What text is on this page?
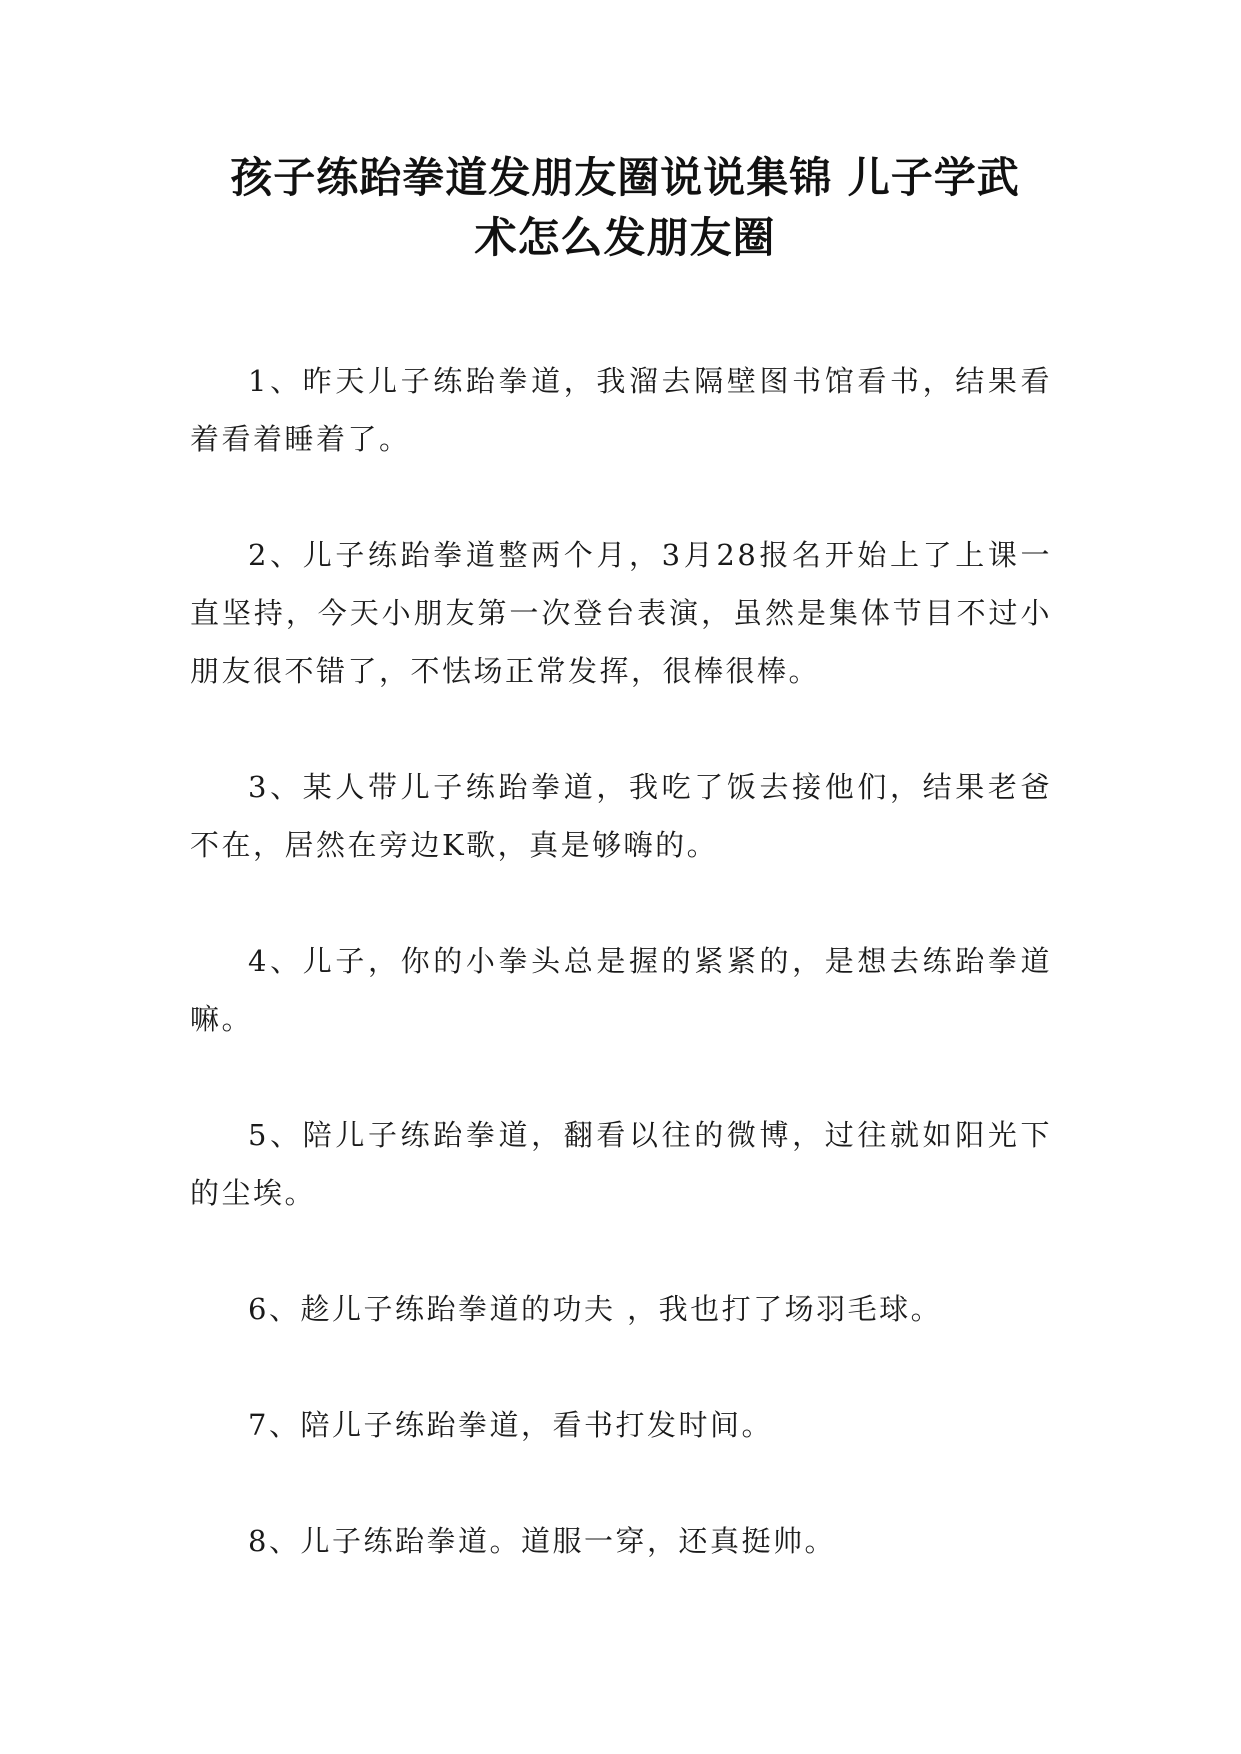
孩子练跆拳道发朋友圈说说集锦 儿子学武
术怎么发朋友圈

1、昨天儿子练跆拳道，我溜去隔壁图书馆看书，结果看着看着睡着了。

2、儿子练跆拳道整两个月，3月28报名开始上了上课一直坚持，今天小朋友第一次登台表演，虽然是集体节目不过小朋友很不错了，不怯场正常发挥，很棒很棒。

3、某人带儿子练跆拳道，我吃了饭去接他们，结果老爸不在，居然在旁边K歌，真是够嗨的。

4、儿子，你的小拳头总是握的紧紧的，是想去练跆拳道嘛。

5、陪儿子练跆拳道，翻看以往的微博，过往就如阳光下的尘埃。

6、趁儿子练跆拳道的功夫 ，我也打了场羽毛球。

7、陪儿子练跆拳道，看书打发时间。

8、儿子练跆拳道。道服一穿，还真挺帅。
